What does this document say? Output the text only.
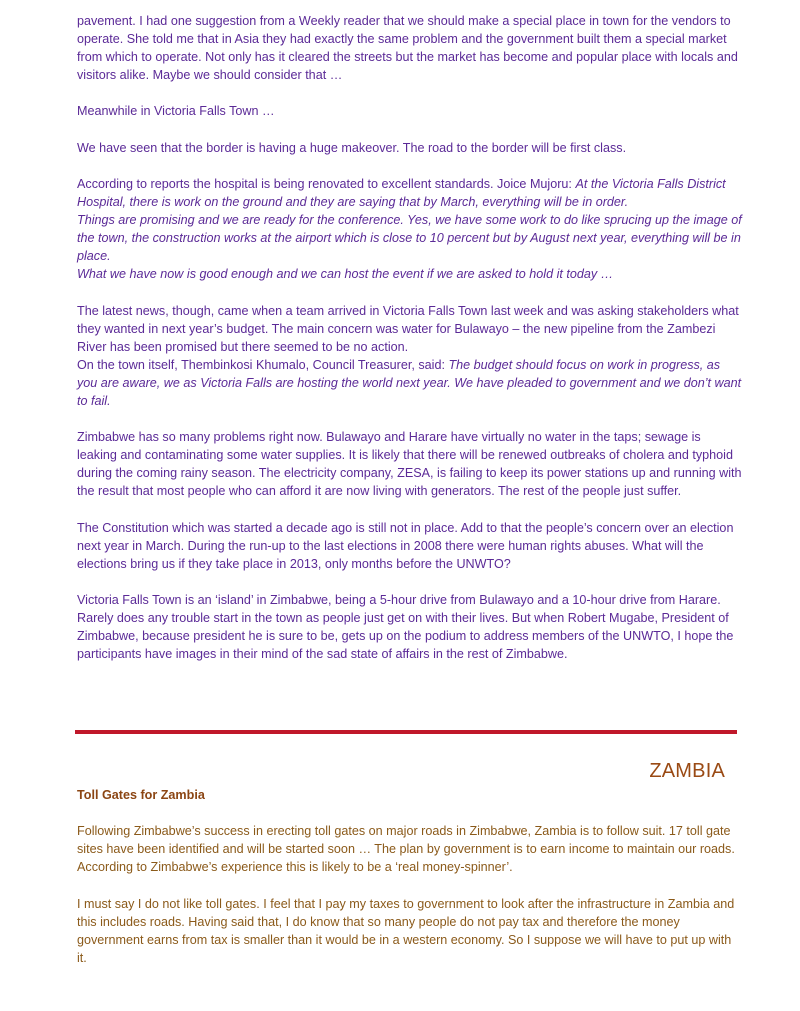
pavement. I had one suggestion from a Weekly reader that we should make a special place in town for the vendors to operate. She told me that in Asia they had exactly the same problem and the government built them a special market from which to operate. Not only has it cleared the streets but the market has become and popular place with locals and visitors alike. Maybe we should consider that …

Meanwhile in Victoria Falls Town …

We have seen that the border is having a huge makeover. The road to the border will be first class.

According to reports the hospital is being renovated to excellent standards. Joice Mujoru: At the Victoria Falls District Hospital, there is work on the ground and they are saying that by March, everything will be in order.

Things are promising and we are ready for the conference. Yes, we have some work to do like sprucing up the image of the town, the construction works at the airport which is close to 10 percent but by August next year, everything will be in place.

What we have now is good enough and we can host the event if we are asked to hold it today …

The latest news, though, came when a team arrived in Victoria Falls Town last week and was asking stakeholders what they wanted in next year’s budget. The main concern was water for Bulawayo – the new pipeline from the Zambezi River has been promised but there seemed to be no action.

On the town itself, Thembinkosi Khumalo, Council Treasurer, said: The budget should focus on work in progress, as you are aware, we as Victoria Falls are hosting the world next year. We have pleaded to government and we don’t want to fail.

Zimbabwe has so many problems right now. Bulawayo and Harare have virtually no water in the taps; sewage is leaking and contaminating some water supplies. It is likely that there will be renewed outbreaks of cholera and typhoid during the coming rainy season. The electricity company, ZESA, is failing to keep its power stations up and running with the result that most people who can afford it are now living with generators. The rest of the people just suffer.

The Constitution which was started a decade ago is still not in place. Add to that the people’s concern over an election next year in March. During the run-up to the last elections in 2008 there were human rights abuses. What will the elections bring us if they take place in 2013, only months before the UNWTO?

Victoria Falls Town is an ‘island’ in Zimbabwe, being a 5-hour drive from Bulawayo and a 10-hour drive from Harare. Rarely does any trouble start in the town as people just get on with their lives. But when Robert Mugabe, President of Zimbabwe, because president he is sure to be, gets up on the podium to address members of the UNWTO, I hope the participants have images in their mind of the sad state of affairs in the rest of Zimbabwe.

ZAMBIA
Toll Gates for Zambia

Following Zimbabwe’s success in erecting toll gates on major roads in Zimbabwe, Zambia is to follow suit. 17 toll gate sites have been identified and will be started soon … The plan by government is to earn income to maintain our roads. According to Zimbabwe’s experience this is likely to be a ‘real money-spinner’.

I must say I do not like toll gates. I feel that I pay my taxes to government to look after the infrastructure in Zambia and this includes roads. Having said that, I do know that so many people do not pay tax and therefore the money government earns from tax is smaller than it would be in a western economy. So I suppose we will have to put up with it.
